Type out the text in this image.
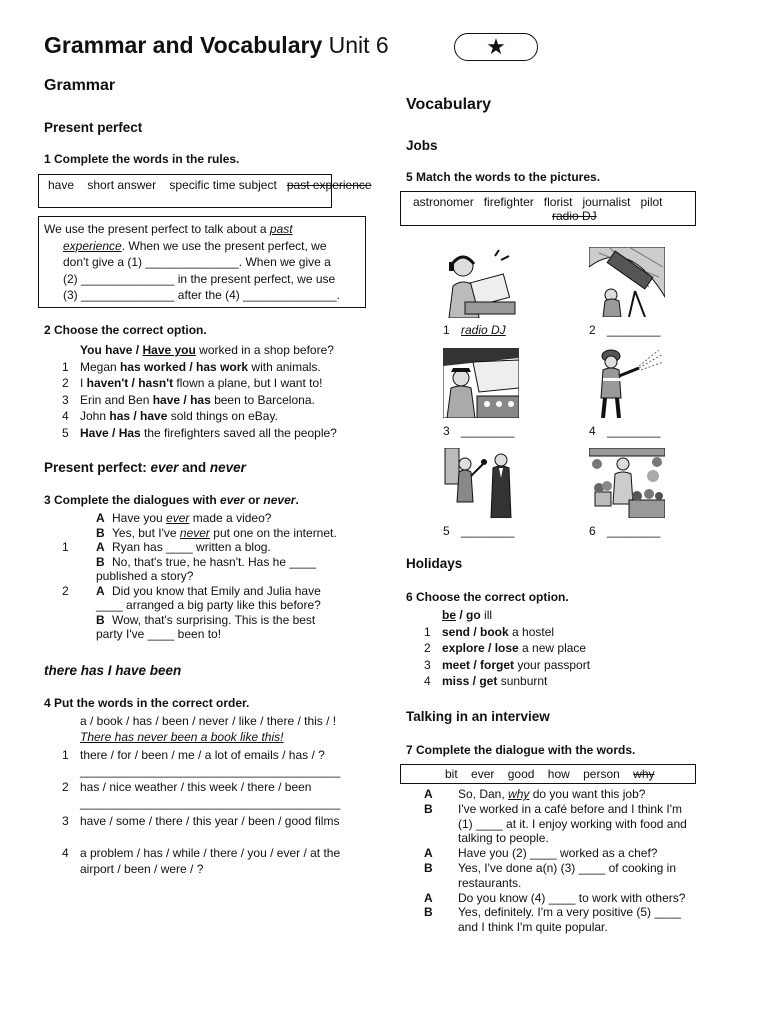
Grammar and Vocabulary Unit 6	★
Grammar
Present perfect
1 Complete the words in the rules.
have short answer specific time subject past experience
We use the present perfect to talk about a past
experience. When we use the present perfect, we
don't give a (1) ______________. When we give a
(2) ______________ in the present perfect, we use
(3) ______________ after the (4) ______________.
2 Choose the correct option.
You have / Have you worked in a shop before?
1 Megan has worked / has work with animals.
2 I haven't / hasn't flown a plane, but I want to!
3 Erin and Ben have / has been to Barcelona.
4 John has / have sold things on eBay.
5 Have / Has the firefighters saved all the people?
Present perfect: ever and never
3 Complete the dialogues with ever or never.
A Have you ever made a video?
B Yes, but I've never put one on the internet.
1 A Ryan has ____ written a blog.
B No, that's true, he hasn't. Has he ____
published a story?
2 A Did you know that Emily and Julia have
____ arranged a big party like this before?
B Wow, that's surprising. This is the best
party I've ____ been to!
there has I have been
4 Put the words in the correct order.
a / book / has / been / never / like / there / this / !
There has never been a book like this!
1 there / for / been / me / a lot of emails / has / ?
_______________________________________
2 has / nice weather / this week / there / been
_______________________________________
3 have / some / there / this year / been / good films
4 a problem / has / while / there / you / ever / at the
airport / been / were / ?
Vocabulary
Jobs
5 Match the words to the pictures.
astronomer firefighter florist journalist pilot
radio DJ
1 radio DJ	2 ________
3 ________	4 ________
5 ________	6 ________
Holidays
6 Choose the correct option.
be / go ill
1 send / book a hostel
2 explore / lose a new place
3 meet / forget your passport
4 miss / get sunburnt
Talking in an interview
7 Complete the dialogue with the words.
bit ever good how person why
A So, Dan, why do you want this job?
B I've worked in a café before and I think I'm
(1) ____ at it. I enjoy working with food and
talking to people.
A Have you (2) ____ worked as a chef?
B Yes, I've done a(n) (3) ____ of cooking in
restaurants.
A Do you know (4) ____ to work with others?
B Yes, definitely. I'm a very positive (5) ____
and I think I'm quite popular.
